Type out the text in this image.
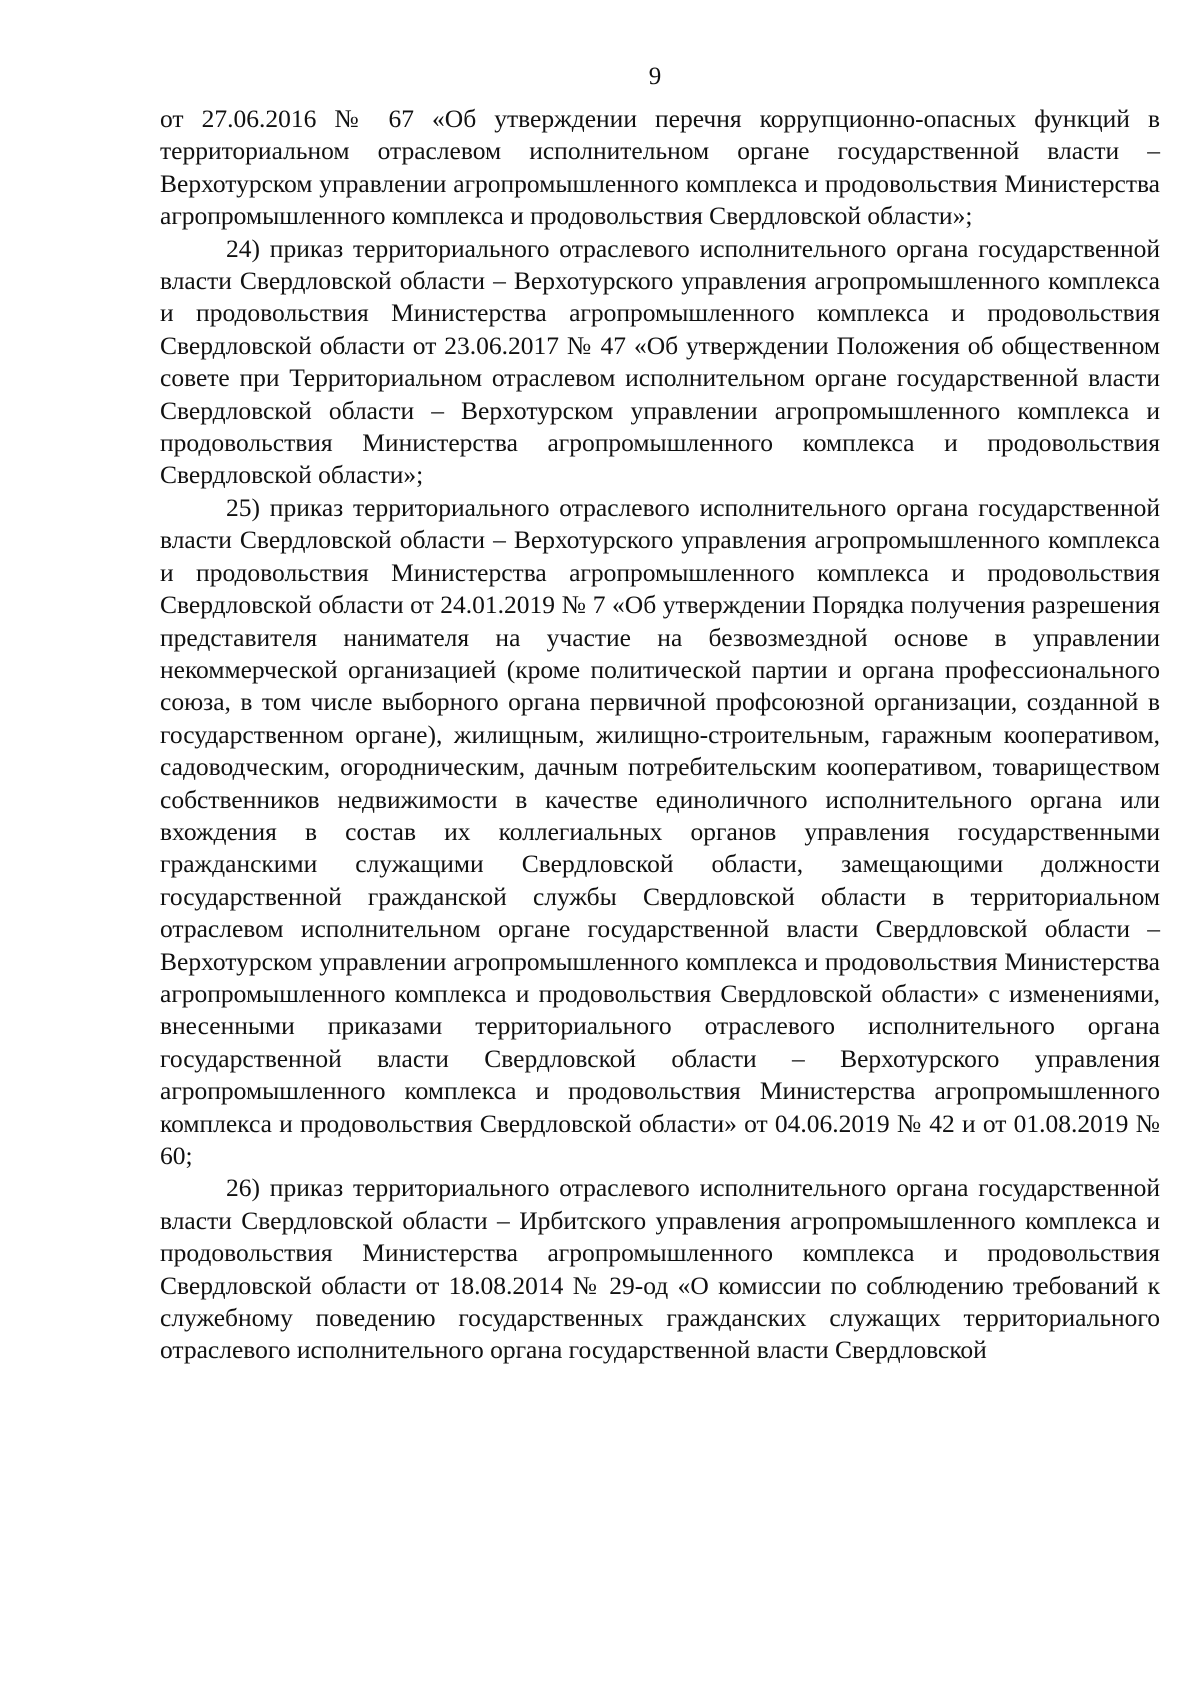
9

от 27.06.2016 № 67 «Об утверждении перечня коррупционно-опасных функций в территориальном отраслевом исполнительном органе государственной власти – Верхотурском управлении агропромышленного комплекса и продовольствия Министерства агропромышленного комплекса и продовольствия Свердловской области»;

24) приказ территориального отраслевого исполнительного органа государственной власти Свердловской области – Верхотурского управления агропромышленного комплекса и продовольствия Министерства агропромышленного комплекса и продовольствия Свердловской области от 23.06.2017 № 47 «Об утверждении Положения об общественном совете при Территориальном отраслевом исполнительном органе государственной власти Свердловской области – Верхотурском управлении агропромышленного комплекса и продовольствия Министерства агропромышленного комплекса и продовольствия Свердловской области»;

25) приказ территориального отраслевого исполнительного органа государственной власти Свердловской области – Верхотурского управления агропромышленного комплекса и продовольствия Министерства агропромышленного комплекса и продовольствия Свердловской области от 24.01.2019 № 7 «Об утверждении Порядка получения разрешения представителя нанимателя на участие на безвозмездной основе в управлении некоммерческой организацией (кроме политической партии и органа профессионального союза, в том числе выборного органа первичной профсоюзной организации, созданной в государственном органе), жилищным, жилищно-строительным, гаражным кооперативом, садоводческим, огородническим, дачным потребительским кооперативом, товариществом собственников недвижимости в качестве единоличного исполнительного органа или вхождения в состав их коллегиальных органов управления государственными гражданскими служащими Свердловской области, замещающими должности государственной гражданской службы Свердловской области в территориальном отраслевом исполнительном органе государственной власти Свердловской области – Верхотурском управлении агропромышленного комплекса и продовольствия Министерства агропромышленного комплекса и продовольствия Свердловской области» с изменениями, внесенными приказами территориального отраслевого исполнительного органа государственной власти Свердловской области – Верхотурского управления агропромышленного комплекса и продовольствия Министерства агропромышленного комплекса и продовольствия Свердловской области» от 04.06.2019 № 42 и от 01.08.2019 № 60;

26) приказ территориального отраслевого исполнительного органа государственной власти Свердловской области – Ирбитского управления агропромышленного комплекса и продовольствия Министерства агропромышленного комплекса и продовольствия Свердловской области от 18.08.2014 № 29-од «О комиссии по соблюдению требований к служебному поведению государственных гражданских служащих территориального отраслевого исполнительного органа государственной власти Свердловской
